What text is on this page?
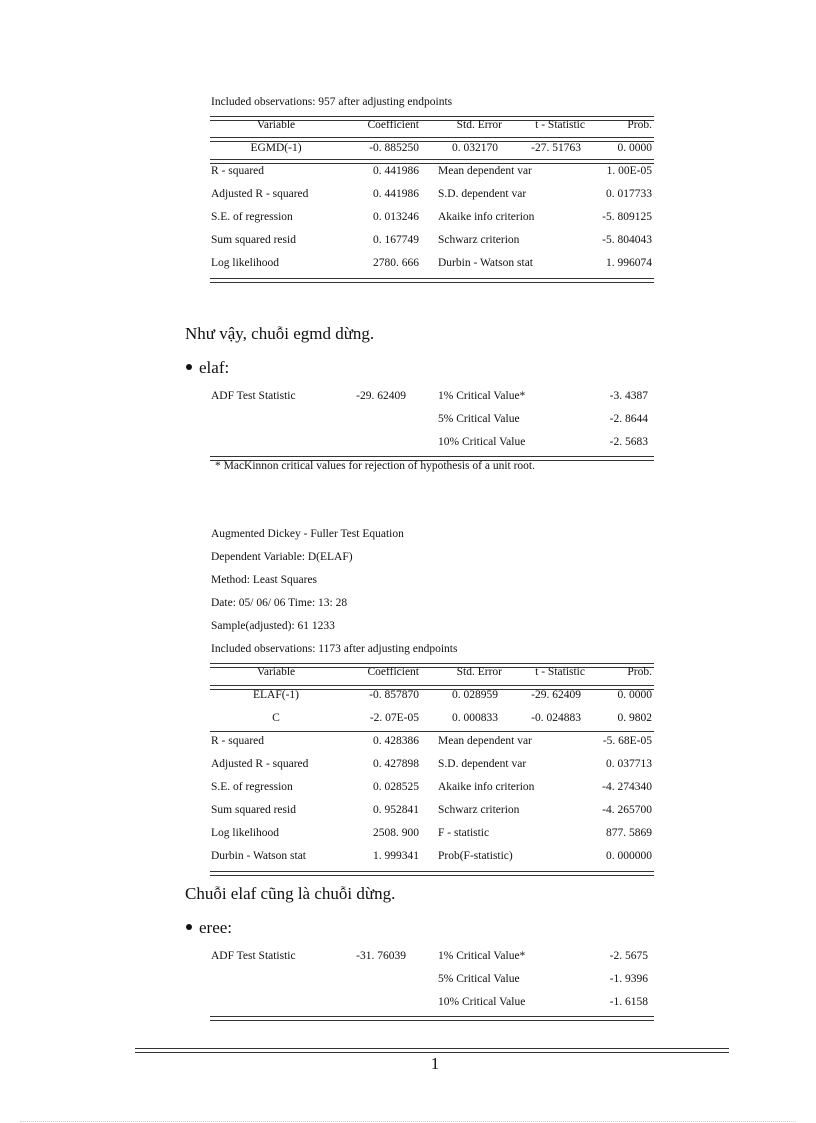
Included observations: 957 after adjusting endpoints
Variable	Coefficient	Std. Error	t - Statistic	Prob.
EGMD(-1)	-0. 885250	0. 032170	-27. 51763	0. 0000
R - squared	0. 441986 Mean dependent var	1. 00E-05
Adjusted R - squared	0. 441986 S.D. dependent var	0. 017733
S.E. of regression	0. 013246 Akaike info criterion	-5. 809125
Sum squared resid	0. 167749 Schwarz criterion	-5. 804043
Log likelihood	2780. 666 Durbin - Watson stat	1. 996074
Như vậy, chuỗi egmd dừng.
elaf:
ADF Test Statistic	-29. 62409	1% Critical Value*	-3. 4387
5% Critical Value	-2. 8644
10% Critical Value	-2. 5683
* MacKinnon critical values for rejection of hypothesis of a unit root.
Augmented Dickey - Fuller Test Equation
Dependent Variable: D(ELAF)
Method: Least Squares
Date: 05/ 06/ 06 Time: 13: 28
Sample(adjusted): 61 1233
Included observations: 1173 after adjusting endpoints
Variable	Coefficient	Std. Error	t - Statistic	Prob.
ELAF(-1)	-0. 857870	0. 028959	-29. 62409	0. 0000
C	-2. 07E-05	0. 000833	-0. 024883	0. 9802
R - squared	0. 428386 Mean dependent var	-5. 68E-05
Adjusted R - squared	0. 427898 S.D. dependent var	0. 037713
S.E. of regression	0. 028525 Akaike info criterion	-4. 274340
Sum squared resid	0. 952841 Schwarz criterion	-4. 265700
Log likelihood	2508. 900 F - statistic	877. 5869
Durbin - Watson stat	1. 999341 Prob(F-statistic)	0. 000000
Chuỗi elaf cũng là chuỗi dừng.
eree:
ADF Test Statistic	-31. 76039	1% Critical Value*	-2. 5675
5% Critical Value	-1. 9396
10% Critical Value	-1. 6158
1
